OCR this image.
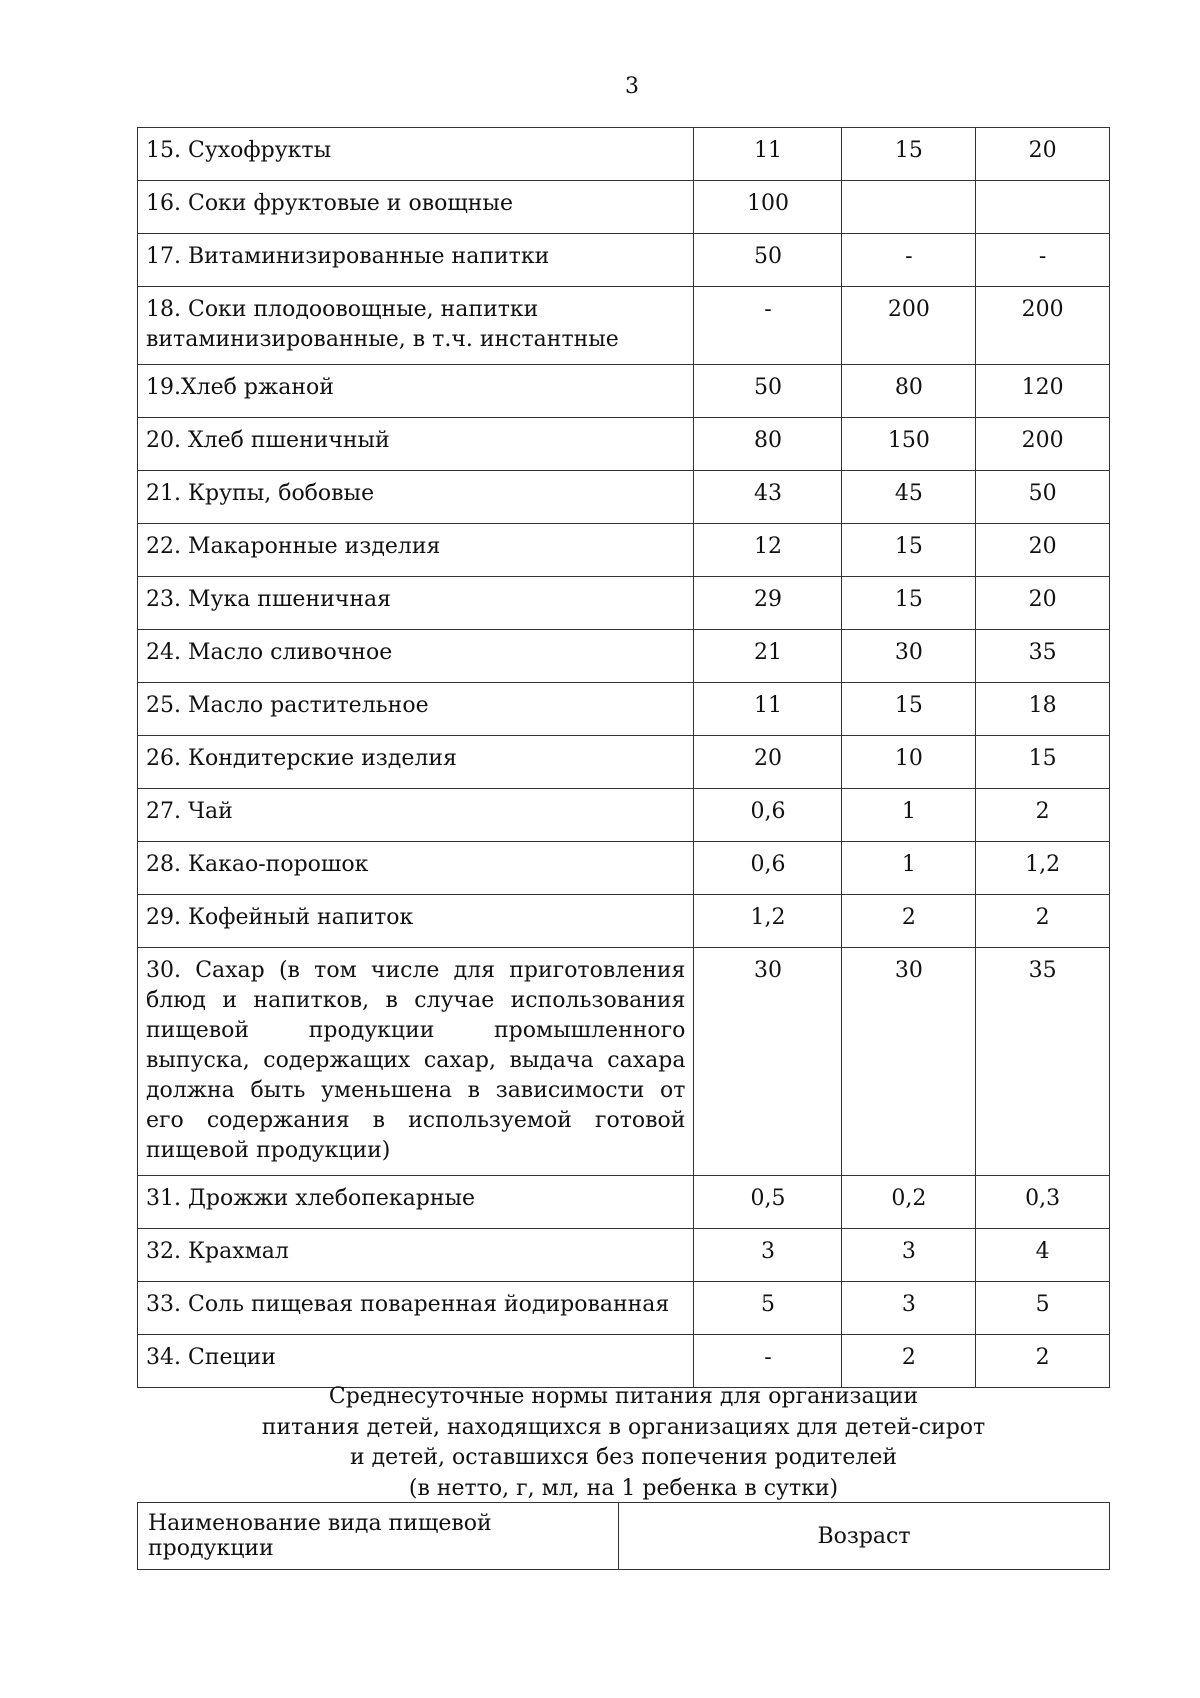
3
15. Сухофрукты	11	15	20
16. Соки фруктовые и овощные	100		
17. Витаминизированные напитки	50	-	-
18. Соки плодоовощные, напитки витаминизированные, в т.ч. инстантные	-	200	200
19.Хлеб ржаной	50	80	120
20. Хлеб пшеничный	80	150	200
21. Крупы, бобовые	43	45	50
22. Макаронные изделия	12	15	20
23. Мука пшеничная	29	15	20
24. Масло сливочное	21	30	35
25. Масло растительное	11	15	18
26. Кондитерские изделия	20	10	15
27. Чай	0,6	1	2
28. Какао-порошок	0,6	1	1,2
29. Кофейный напиток	1,2	2	2
30. Сахар (в том числе для приготовления блюд и напитков, в случае использования пищевой продукции промышленного выпуска, содержащих сахар, выдача сахара должна быть уменьшена в зависимости от его содержания в используемой готовой пищевой продукции)	30	30	35
31. Дрожжи хлебопекарные	0,5	0,2	0,3
32. Крахмал	3	3	4
33. Соль пищевая поваренная йодированная	5	3	5
34. Специи	-	2	2
Среднесуточные нормы питания для организации
питания детей, находящихся в организациях для детей-сирот
и детей, оставшихся без попечения родителей
(в нетто, г, мл, на 1 ребенка в сутки)
Наименование вида пищевой продукции	Возраст
